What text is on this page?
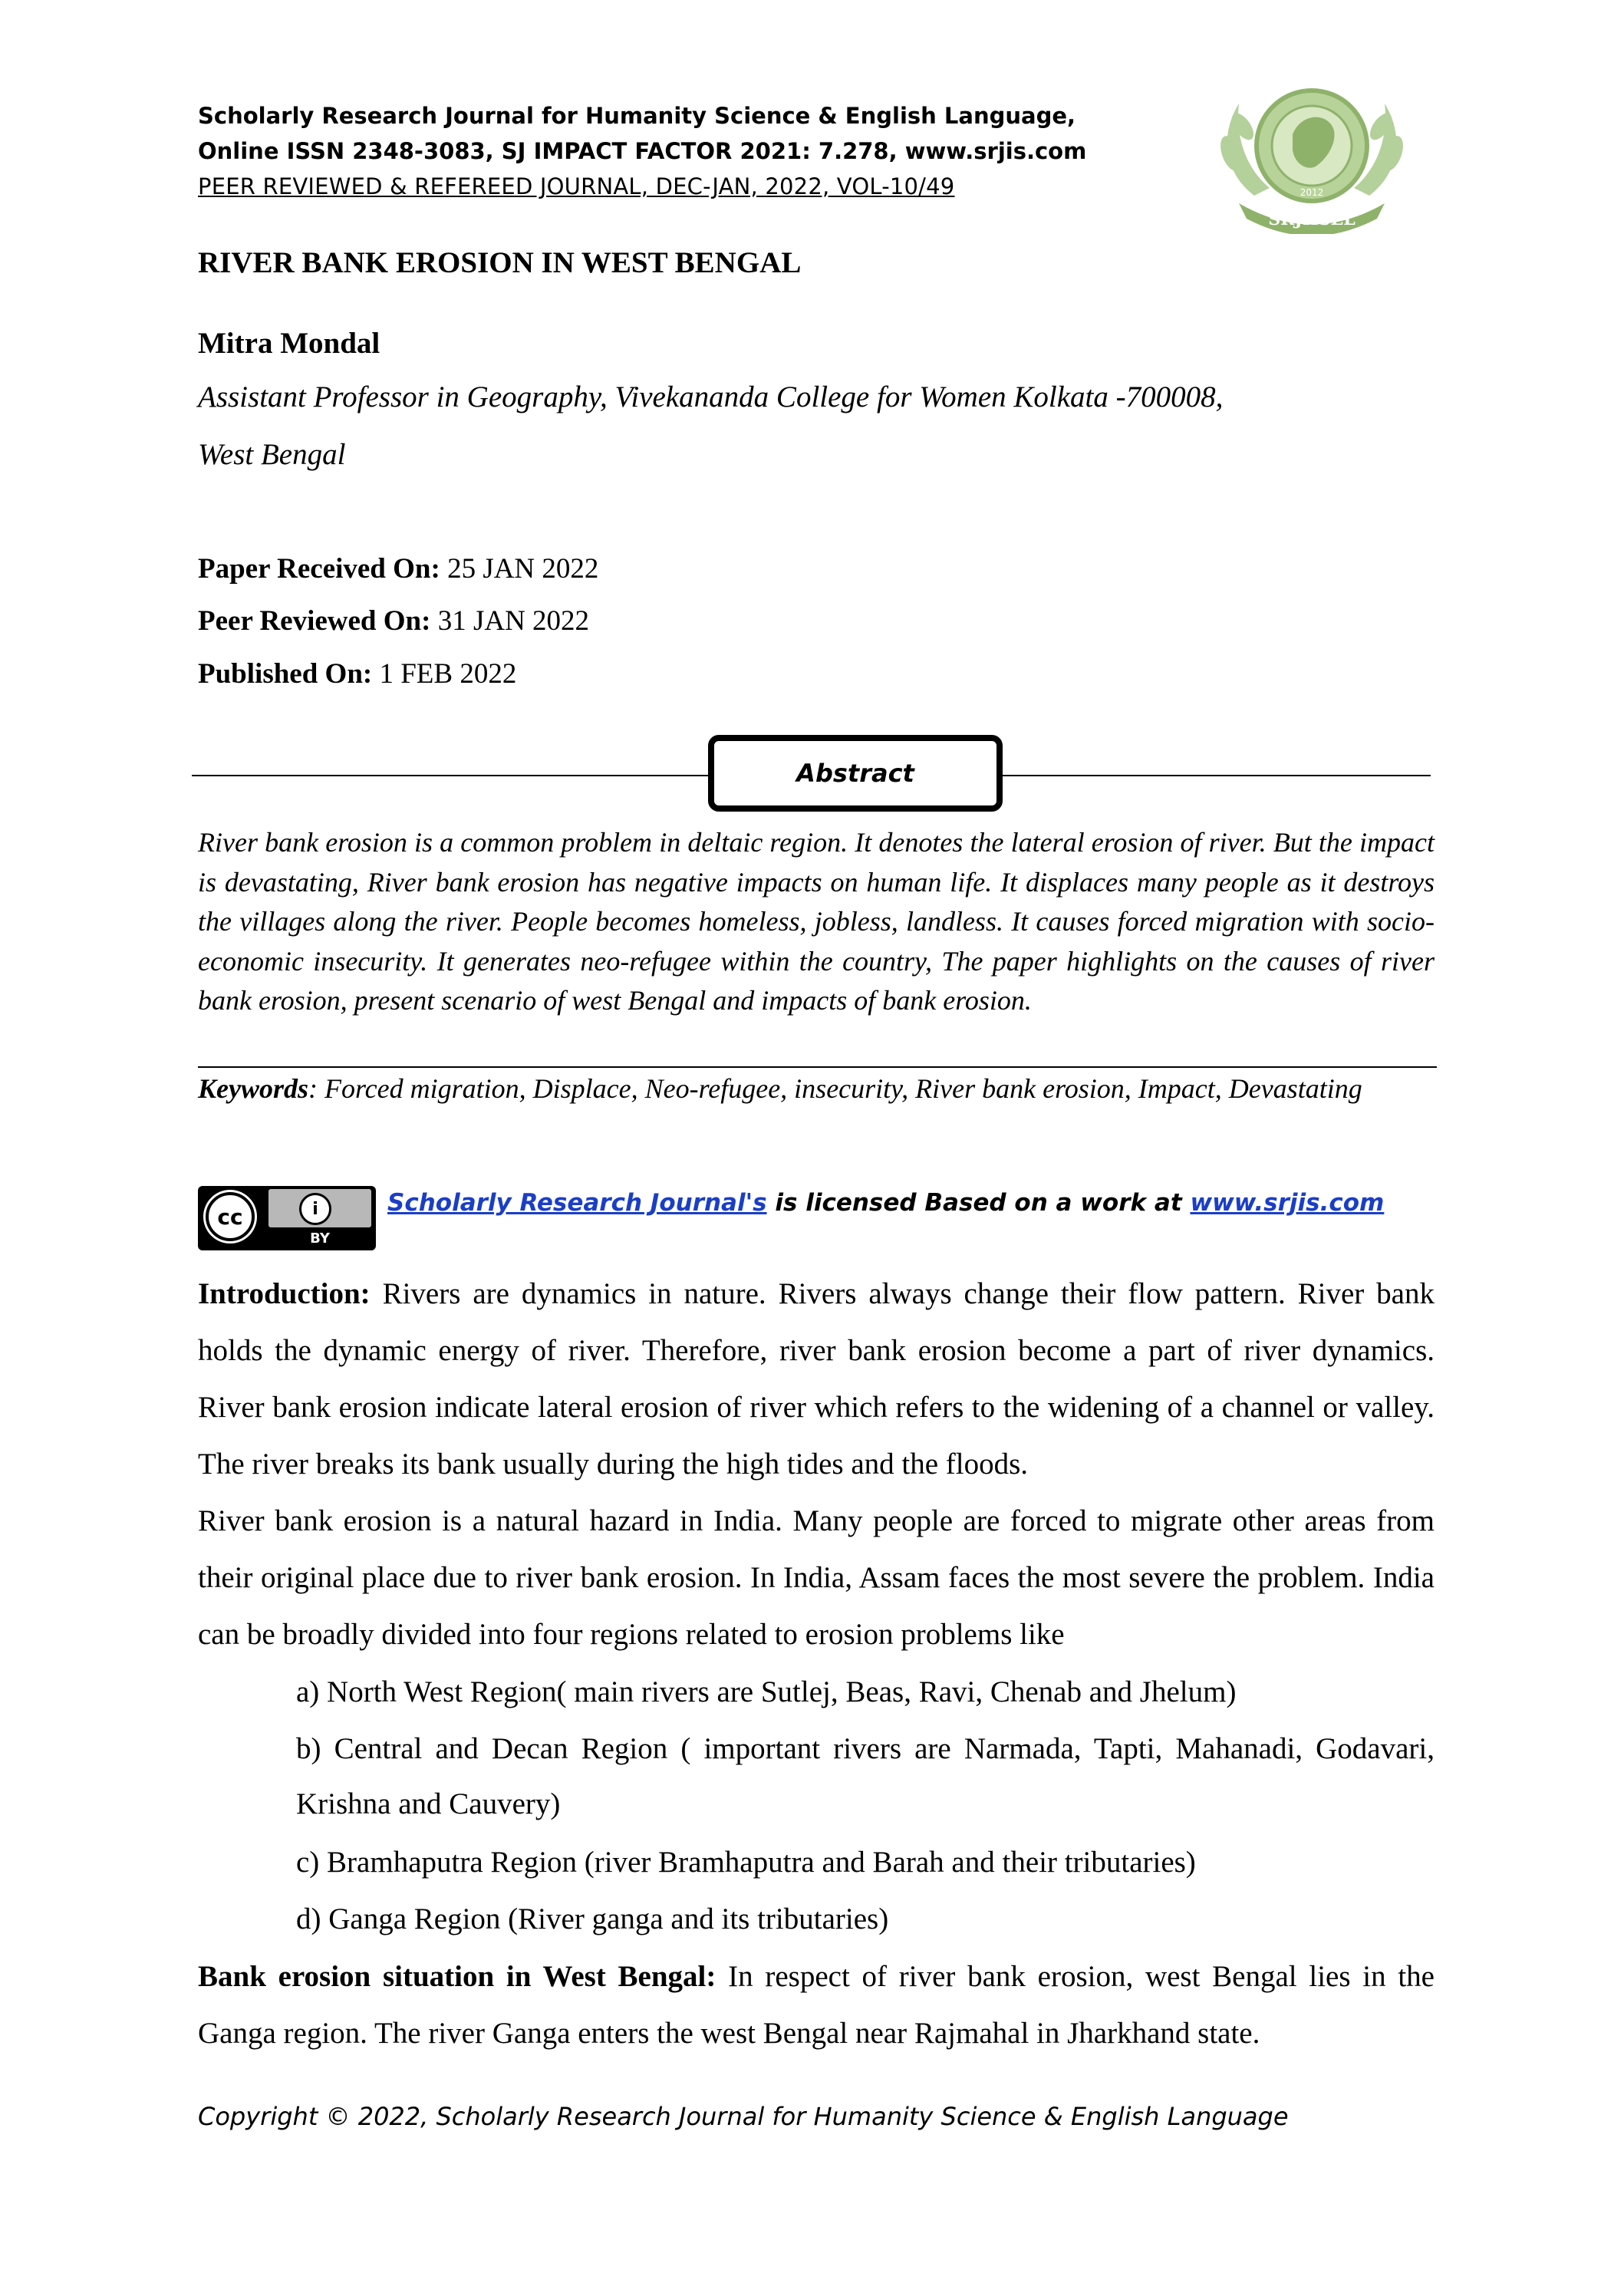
Scholarly Research Journal for Humanity Science & English Language,
Online ISSN 2348-3083, SJ IMPACT FACTOR 2021: 7.278, www.srjis.com
PEER REVIEWED & REFEREED JOURNAL, DEC-JAN, 2022, VOL-10/49
SRJHSEL
2012
RIVER BANK EROSION IN WEST BENGAL
Mitra Mondal
Assistant Professor in Geography, Vivekananda College for Women Kolkata -700008,
West Bengal
Paper Received On: 25 JAN 2022
Peer Reviewed On: 31 JAN 2022
Published On: 1 FEB 2022
Abstract
River bank erosion is a common problem in deltaic region. It denotes the lateral erosion of river. But the impact is devastating, River bank erosion has negative impacts on human life. It displaces many people as it destroys the villages along the river. People becomes homeless, jobless, landless. It causes forced migration with socio- economic insecurity. It generates neo-refugee within the country, The paper highlights on the causes of river bank erosion, present scenario of west Bengal and impacts of bank erosion.
Keywords: Forced migration, Displace, Neo-refugee, insecurity, River bank erosion, Impact, Devastating
cc	i
BY
Scholarly Research Journal's is licensed Based on a work at www.srjis.com
Introduction: Rivers are dynamics in nature. Rivers always change their flow pattern. River bank holds the dynamic energy of river. Therefore, river bank erosion become a part of river dynamics. River bank erosion indicate lateral erosion of river which refers to the widening of a channel or valley. The river breaks its bank usually during the high tides and the floods.
River bank erosion is a natural hazard in India. Many people are forced to migrate other areas from their original place due to river bank erosion. In India, Assam faces the most severe the problem. India can be broadly divided into four regions related to erosion problems like
a) North West Region( main rivers are Sutlej, Beas, Ravi, Chenab and Jhelum)
b) Central and Decan Region ( important rivers are Narmada, Tapti, Mahanadi, Godavari, Krishna and Cauvery)
c) Bramhaputra Region (river Bramhaputra and Barah and their tributaries)
d) Ganga Region (River ganga and its tributaries)
Bank erosion situation in West Bengal: In respect of river bank erosion, west Bengal lies in the Ganga region. The river Ganga enters the west Bengal near Rajmahal in Jharkhand state.
Copyright © 2022, Scholarly Research Journal for Humanity Science & English Language
